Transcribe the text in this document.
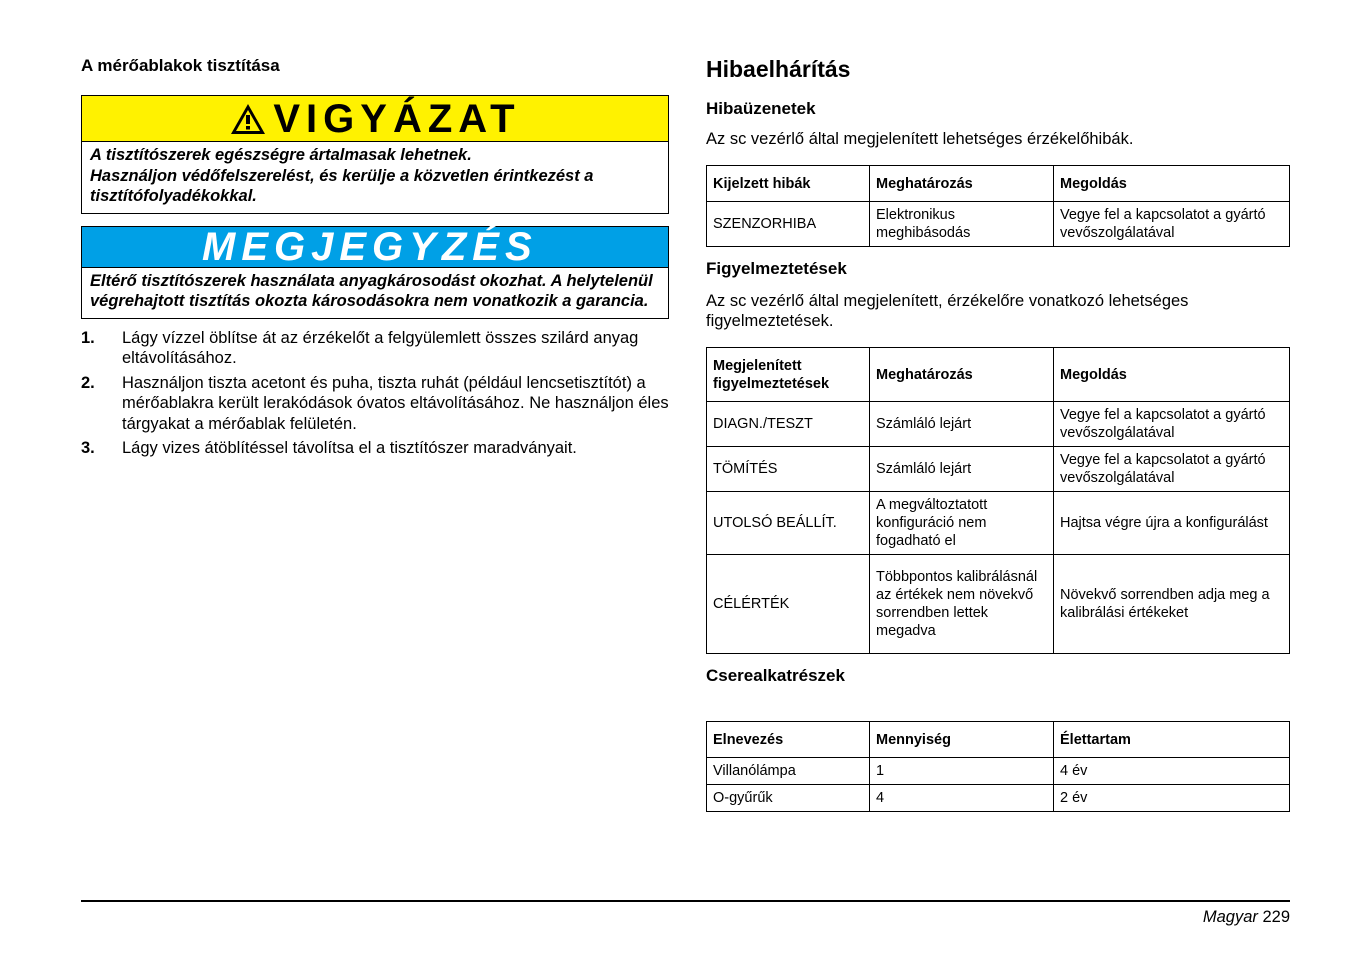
A mérőablakok tisztítása
VIGYÁZAT
A tisztítószerek egészségre ártalmasak lehetnek.
Használjon védőfelszerelést, és kerülje a közvetlen érintkezést a tisztítófolyadékokkal.
MEGJEGYZÉS
Eltérő tisztítószerek használata anyagkárosodást okozhat. A helytelenül végrehajtott tisztítás okozta károsodásokra nem vonatkozik a garancia.
1.	Lágy vízzel öblítse át az érzékelőt a felgyülemlett összes szilárd anyag eltávolításához.
2.	Használjon tiszta acetont és puha, tiszta ruhát (például lencsetisztítót) a mérőablakra került lerakódások óvatos eltávolításához. Ne használjon éles tárgyakat a mérőablak felületén.
3.	Lágy vizes átöblítéssel távolítsa el a tisztítószer maradványait.
Hibaelhárítás
Hibaüzenetek

Az sc vezérlő által megjelenített lehetséges érzékelőhibák.

Kijelzett hibák	Meghatározás	Megoldás
SZENZORHIBA	Elektronikus meghibásodás	Vegye fel a kapcsolatot a gyártó vevőszolgálatával
Figyelmeztetések

Az sc vezérlő által megjelenített, érzékelőre vonatkozó lehetséges figyelmeztetések.

Megjelenített figyelmeztetések	Meghatározás	Megoldás
DIAGN./TESZT	Számláló lejárt	Vegye fel a kapcsolatot a gyártó vevőszolgálatával
TÖMÍTÉS	Számláló lejárt	Vegye fel a kapcsolatot a gyártó vevőszolgálatával
UTOLSÓ BEÁLLÍT.	A megváltoztatott konfiguráció nem fogadható el	Hajtsa végre újra a konfigurálást
CÉLÉRTÉK	Többpontos kalibrálásnál az értékek nem növekvő sorrendben lettek megadva	Növekvő sorrendben adja meg a kalibrálási értékeket
Cserealkatrészek
Elnevezés	Mennyiség	Élettartam
Villanólámpa	1	4 év
O-gyűrűk	4	2 év
Magyar 229
